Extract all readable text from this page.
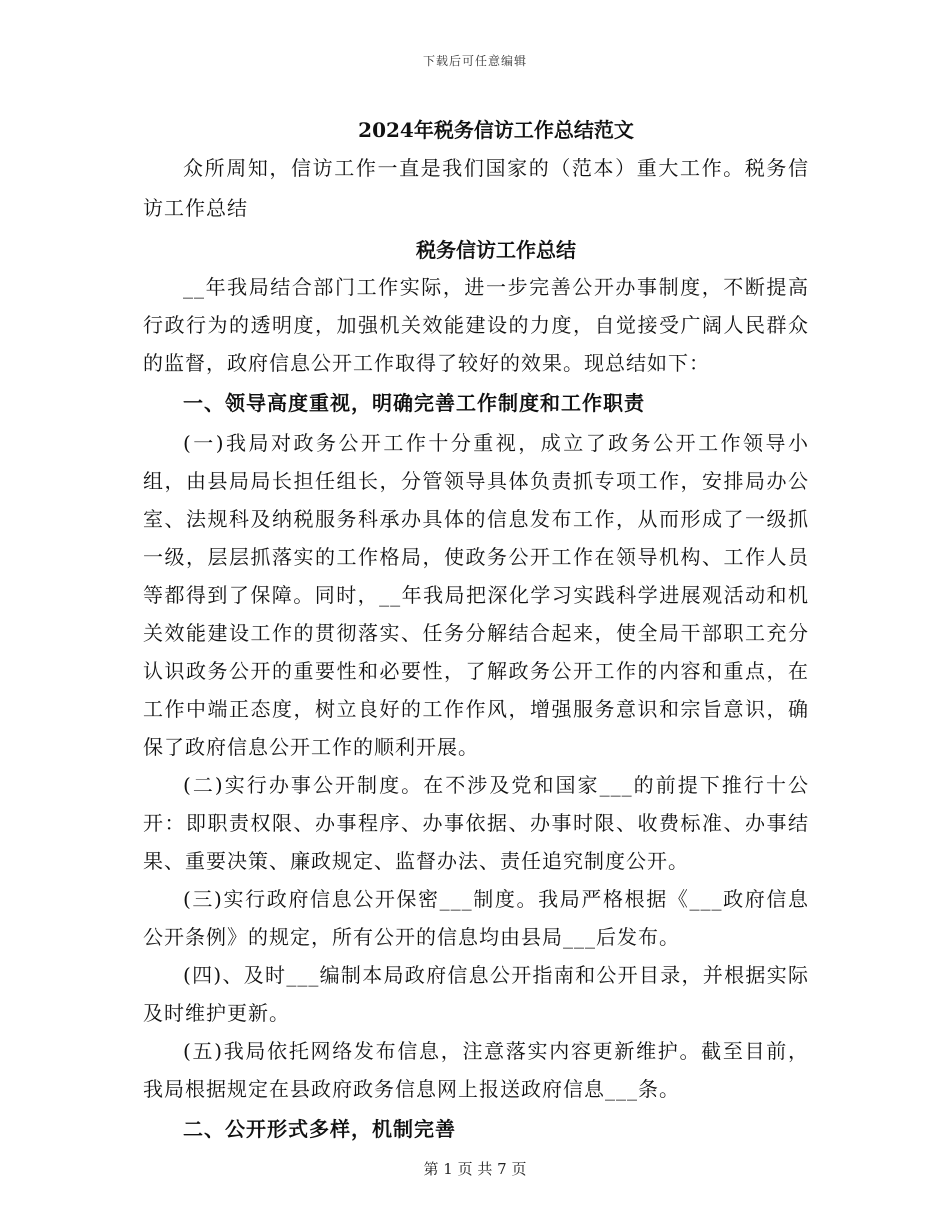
下载后可任意编辑

2024年税务信访工作总结范文

众所周知，信访工作一直是我们国家的（范本）重大工作。税务信访工作总结

税务信访工作总结

__年我局结合部门工作实际，进一步完善公开办事制度，不断提高行政行为的透明度，加强机关效能建设的力度，自觉接受广阔人民群众的监督，政府信息公开工作取得了较好的效果。现总结如下：

一、领导高度重视，明确完善工作制度和工作职责

(一)我局对政务公开工作十分重视，成立了政务公开工作领导小组，由县局局长担任组长，分管领导具体负责抓专项工作，安排局办公室、法规科及纳税服务科承办具体的信息发布工作，从而形成了一级抓一级，层层抓落实的工作格局，使政务公开工作在领导机构、工作人员等都得到了保障。同时，__年我局把深化学习实践科学进展观活动和机关效能建设工作的贯彻落实、任务分解结合起来，使全局干部职工充分认识政务公开的重要性和必要性，了解政务公开工作的内容和重点，在工作中端正态度，树立良好的工作作风，增强服务意识和宗旨意识，确保了政府信息公开工作的顺利开展。

(二)实行办事公开制度。在不涉及党和国家___的前提下推行十公开：即职责权限、办事程序、办事依据、办事时限、收费标准、办事结果、重要决策、廉政规定、监督办法、责任追究制度公开。

(三)实行政府信息公开保密___制度。我局严格根据《___政府信息公开条例》的规定，所有公开的信息均由县局___后发布。

(四)、及时___编制本局政府信息公开指南和公开目录，并根据实际及时维护更新。

(五)我局依托网络发布信息，注意落实内容更新维护。截至目前，我局根据规定在县政府政务信息网上报送政府信息___条。

二、公开形式多样，机制完善

第 1 页 共 7 页
